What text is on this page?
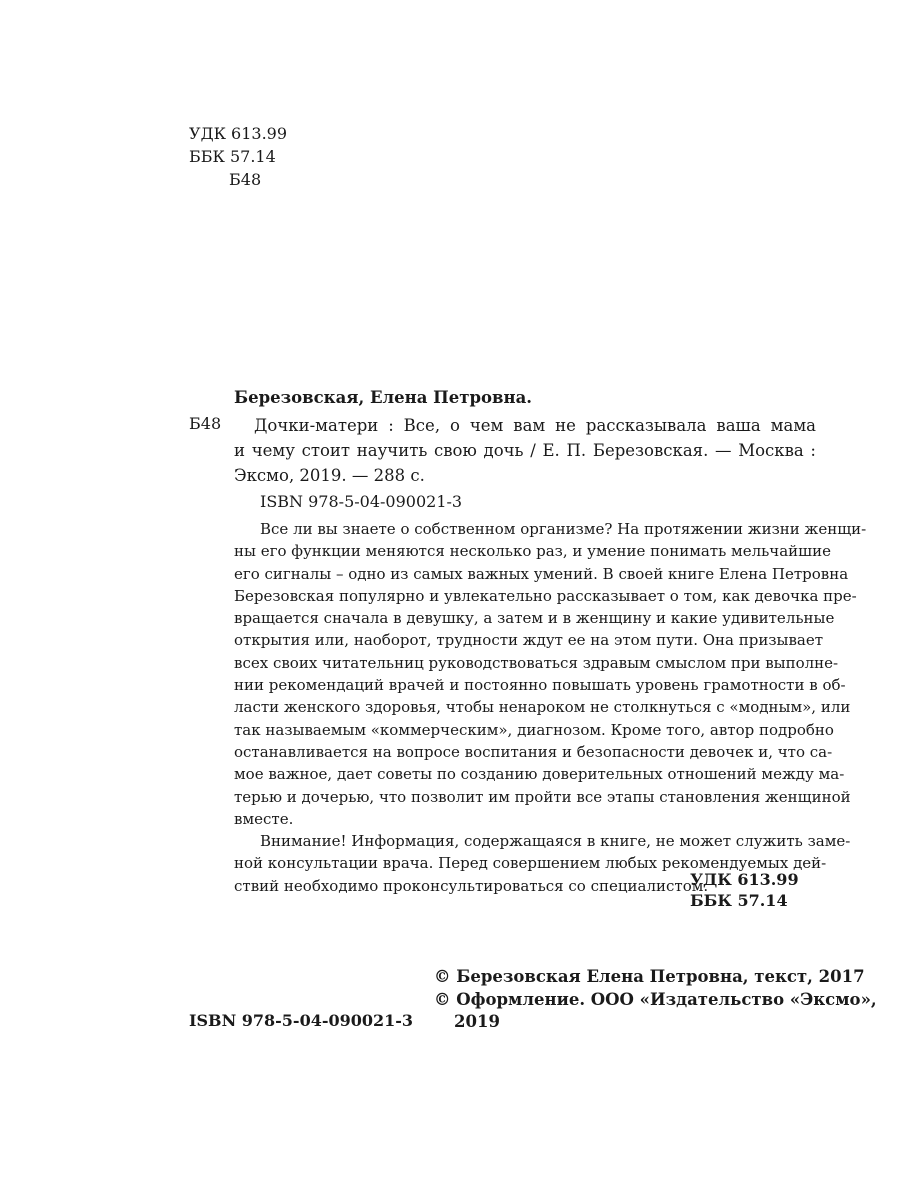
УДК 613.99
ББК 57.14
Б48
Березовская, Елена Петровна.
Б48	Дочки-матери : Все, о чем вам не рассказывала ваша мама
и чему стоит научить свою дочь / Е. П. Березовская. — Москва :
Эксмо, 2019. — 288 с.
ISBN 978-5-04-090021-3
Все ли вы знаете о собственном организме? На протяжении жизни женщи-
ны его функции меняются несколько раз, и умение понимать мельчайшие
его сигналы – одно из самых важных умений. В своей книге Елена Петровна
Березовская популярно и увлекательно рассказывает о том, как девочка пре-
вращается сначала в девушку, а затем и в женщину и какие удивительные
открытия или, наоборот, трудности ждут ее на этом пути. Она призывает
всех своих читательниц руководствоваться здравым смыслом при выполне-
нии рекомендаций врачей и постоянно повышать уровень грамотности в об-
ласти женского здоровья, чтобы ненароком не столкнуться с «модным», или
так называемым «коммерческим», диагнозом. Кроме того, автор подробно
останавливается на вопросе воспитания и безопасности девочек и, что са-
мое важное, дает советы по созданию доверительных отношений между ма-
терью и дочерью, что позволит им пройти все этапы становления женщиной
вместе.
Внимание! Информация, содержащаяся в книге, не может служить заме-
ной консультации врача. Перед совершением любых рекомендуемых дей-
ствий необходимо проконсультироваться со специалистом.
УДК 613.99
ББК 57.14
© Березовская Елена Петровна, текст, 2017
© Оформление. ООО «Издательство «Эксмо»,
2019
ISBN 978-5-04-090021-3
